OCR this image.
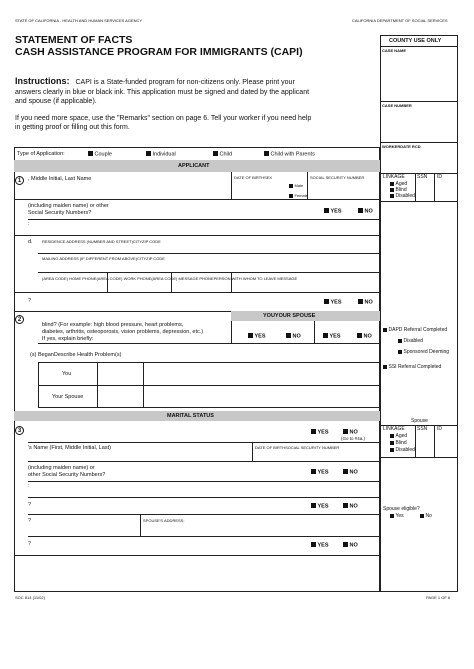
STATE OF CALIFORNIA - HEALTH AND HUMAN SERVICES AGENCY	CALIFORNIA DEPARTMENT OF SOCIAL SERVICES
STATEMENT OF FACTS
CASH ASSISTANCE PROGRAM FOR IMMIGRANTS (CAPI)
Instructions: CAPI is a State-funded program for non-citizens only. Please print your
answers clearly in blue or black ink. This application must be signed and dated by the applicant
and spouse (if applicable).
If you need more space, use the "Remarks" section on page 6. Tell your worker if you need help
in getting proof or filling out this form.
COUNTY USE ONLY
CASE NAME
CASE NUMBER
WORKERDATE RCD
LINKAGE SSN ID
Aged
Blind
Disabled
DAPD Referral Completed
Disabled
Sponsored Deeming
SSI Referral Completed
Spouse
LINKAGE SSN ID
Aged
Blind
Disabled
Spouse eligible?
Yes	No
Type of Application:	Couple	Individual	Child	Child with Parents
APPLICANT
1	, Middle Initial, Last Name	DATE OF BIRTHSEX
Male
Female
SOCIAL SECURITY NUMBER
(including maiden name) or other
Social Security Numbers?	YES	NO
:
d. RESIDENCE ADDRESS (NUMBER AND STREET)CITYZIP CODE
MAILING ADDRESS (IF DIFFERENT FROM ABOVE)CITYZIP CODE
(AREA CODE) HOME PHONE(AREA CODE) WORK PHONE(AREA CODE) MESSAGE PHONEPERSON WITH WHOM TO LEAVE MESSAGE
?	YES	NO
2
YOUYOUR SPOUSE
blind? (For example: high blood pressure, heart problems,
diabetes, arthritis, osteoporosis, vision problems, depression, etc.)
If yes, explain briefly:	YES	NO	YES	NO
(s) BeganDescribe Health Problem(s)
You
Your Spouse
MARITAL STATUS
3	YES	NO
(Go to #4a.)
's Name (First, Middle Initial, Last)	DATE OF BIRTHSOCIAL SECURITY NUMBER
(including maiden name) or
other Social Security Numbers?	YES	NO
:
?	YES	NO
?	SPOUSE'S ADDRESS:
?	YES	NO
SOC 814 (11/02)	PAGE 1 OF 6
